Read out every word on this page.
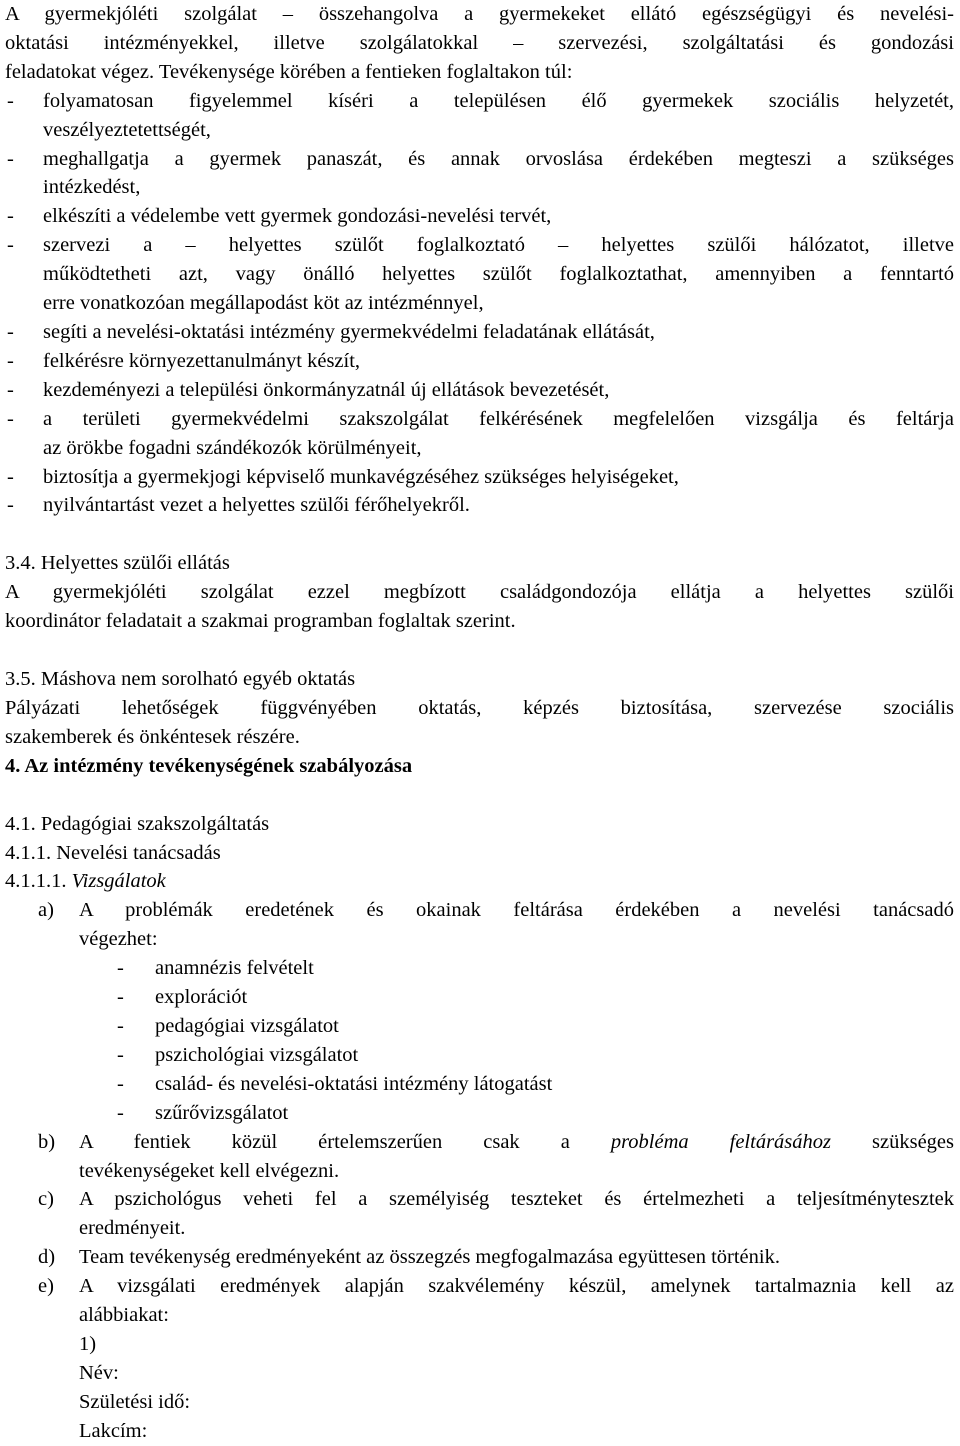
A gyermekjóléti szolgálat – összehangolva a gyermekeket ellátó egészségügyi és nevelési-

oktatási intézményekkel, illetve szolgálatokkal – szervezési, szolgáltatási és gondozási

feladatokat végez. Tevékenysége körében a fentieken foglaltakon túl:

-	folyamatosan figyelemmel kíséri a településen élő gyermekek szociális helyzetét,

veszélyeztetettségét,

-	meghallgatja a gyermek panaszát, és annak orvoslása érdekében megteszi a szükséges

intézkedést,

-	elkészíti a védelembe vett gyermek gondozási-nevelési tervét,

-	szervezi a – helyettes szülőt foglalkoztató – helyettes szülői hálózatot, illetve

működtetheti azt, vagy önálló helyettes szülőt foglalkoztathat, amennyiben a fenntartó

erre vonatkozóan megállapodást köt az intézménnyel,

-	segíti a nevelési-oktatási intézmény gyermekvédelmi feladatának ellátását,

-	felkérésre környezettanulmányt készít,

-	kezdeményezi a települési önkormányzatnál új ellátások bevezetését,

-	a területi gyermekvédelmi szakszolgálat felkérésének megfelelően vizsgálja és feltárja

az örökbe fogadni szándékozók körülményeit,

-	biztosítja a gyermekjogi képviselő munkavégzéséhez szükséges helyiségeket,

-	nyilvántartást vezet a helyettes szülői férőhelyekről.

3.4. Helyettes szülői ellátás

A gyermekjóléti szolgálat ezzel megbízott családgondozója ellátja a helyettes szülői

koordinátor feladatait a szakmai programban foglaltak szerint.

3.5. Máshova nem sorolható egyéb oktatás

Pályázati lehetőségek függvényében oktatás, képzés biztosítása, szervezése szociális

szakemberek és önkéntesek részére.

4. Az intézmény tevékenységének szabályozása

4.1. Pedagógiai szakszolgáltatás

4.1.1. Nevelési tanácsadás

4.1.1.1. Vizsgálatok

a)	A problémák eredetének és okainak feltárása érdekében a nevelési tanácsadó

végezhet:

-	anamnézis felvételt
-	explorációt
-	pedagógiai vizsgálatot
-	pszichológiai vizsgálatot
-	család- és nevelési-oktatási intézmény látogatást
-	szűrővizsgálatot
b)	A fentiek közül értelemszerűen csak a probléma feltárásához szükséges

tevékenységeket kell elvégezni.

c)	A pszichológus veheti fel a személyiség teszteket és értelmezheti a teljesítménytesztek

eredményeit.

d)	Team tevékenység eredményeként az összegzés megfogalmazása együttesen történik.

e)	A vizsgálati eredmények alapján szakvélemény készül, amelynek tartalmaznia kell az

alábbiakat:

1)

Név:

Születési idő:

Lakcím:
